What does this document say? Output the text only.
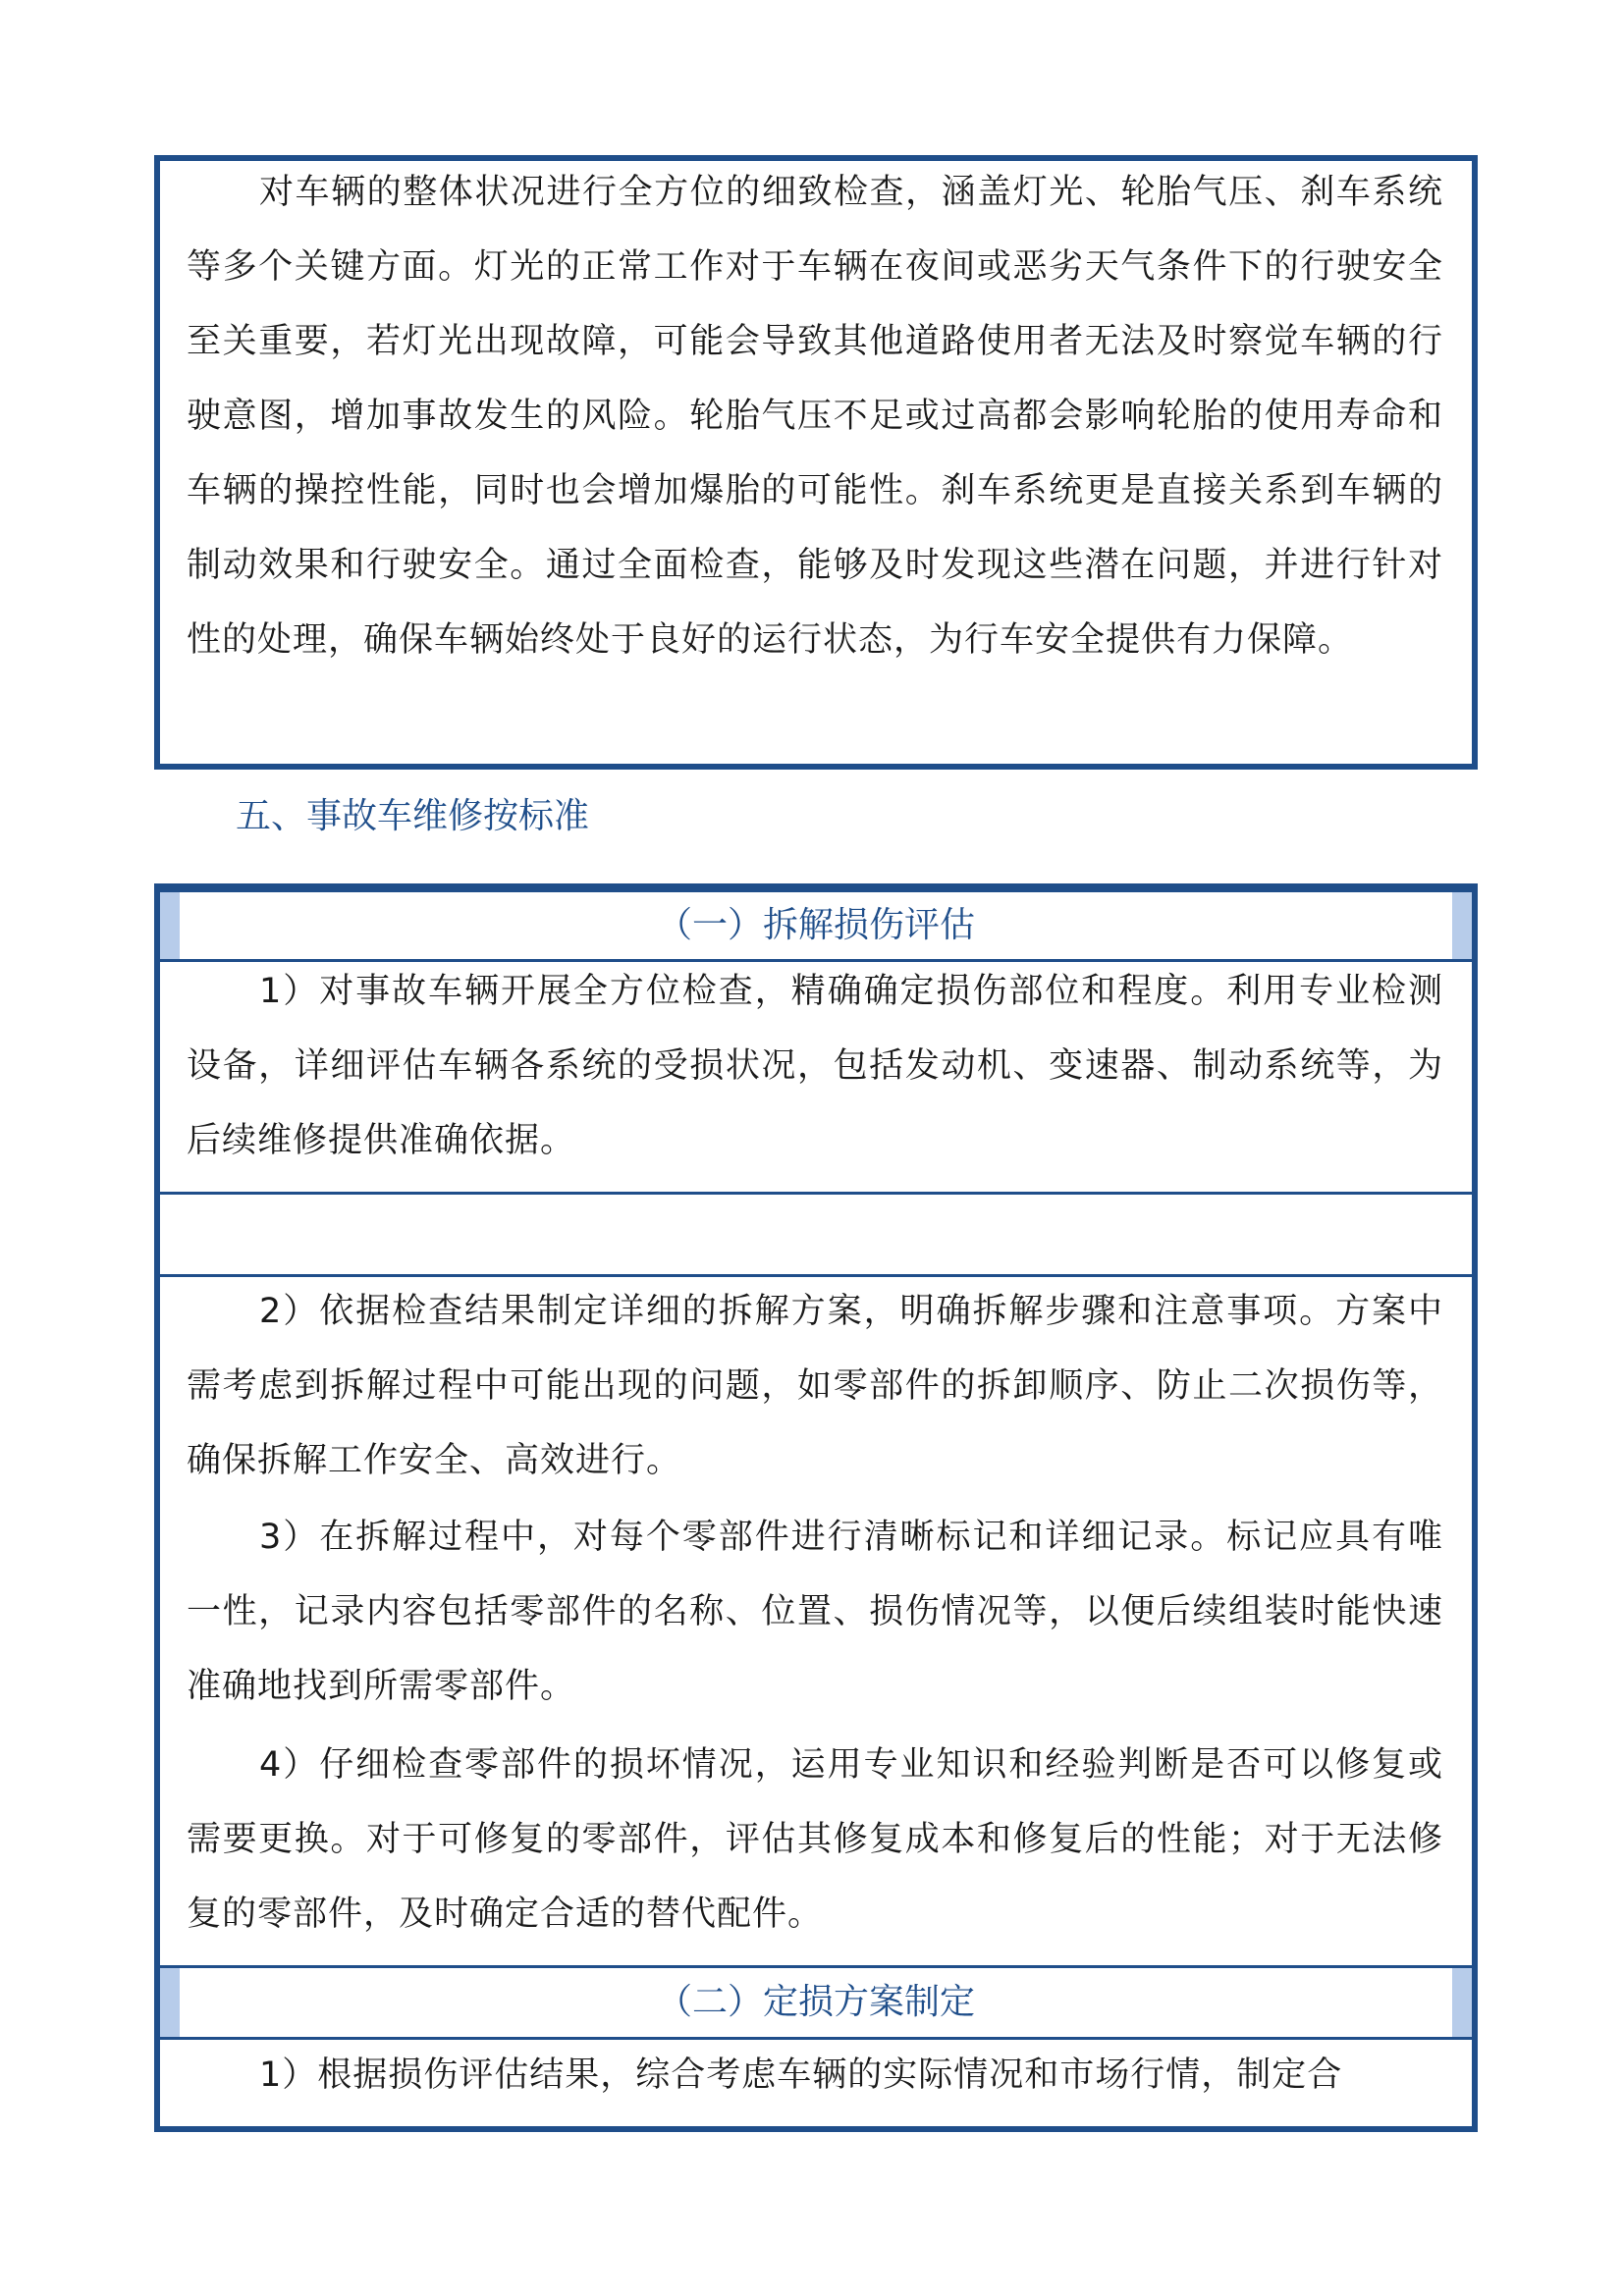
对车辆的整体状况进行全方位的细致检查，涵盖灯光、轮胎气压、刹车系统等多个关键方面。灯光的正常工作对于车辆在夜间或恶劣天气条件下的行驶安全至关重要，若灯光出现故障，可能会导致其他道路使用者无法及时察觉车辆的行驶意图，增加事故发生的风险。轮胎气压不足或过高都会影响轮胎的使用寿命和车辆的操控性能，同时也会增加爆胎的可能性。刹车系统更是直接关系到车辆的制动效果和行驶安全。通过全面检查，能够及时发现这些潜在问题，并进行针对性的处理，确保车辆始终处于良好的运行状态，为行车安全提供有力保障。

五、事故车维修按标准
（一）拆解损伤评估

1）对事故车辆开展全方位检查，精确确定损伤部位和程度。利用专业检测设备，详细评估车辆各系统的受损状况，包括发动机、变速器、制动系统等，为后续维修提供准确依据。

2）依据检查结果制定详细的拆解方案，明确拆解步骤和注意事项。方案中需考虑到拆解过程中可能出现的问题，如零部件的拆卸顺序、防止二次损伤等，确保拆解工作安全、高效进行。

3）在拆解过程中，对每个零部件进行清晰标记和详细记录。标记应具有唯一性，记录内容包括零部件的名称、位置、损伤情况等，以便后续组装时能快速准确地找到所需零部件。

4）仔细检查零部件的损坏情况，运用专业知识和经验判断是否可以修复或需要更换。对于可修复的零部件，评估其修复成本和修复后的性能；对于无法修复的零部件，及时确定合适的替代配件。

（二）定损方案制定

1）根据损伤评估结果，综合考虑车辆的实际情况和市场行情，制定合
